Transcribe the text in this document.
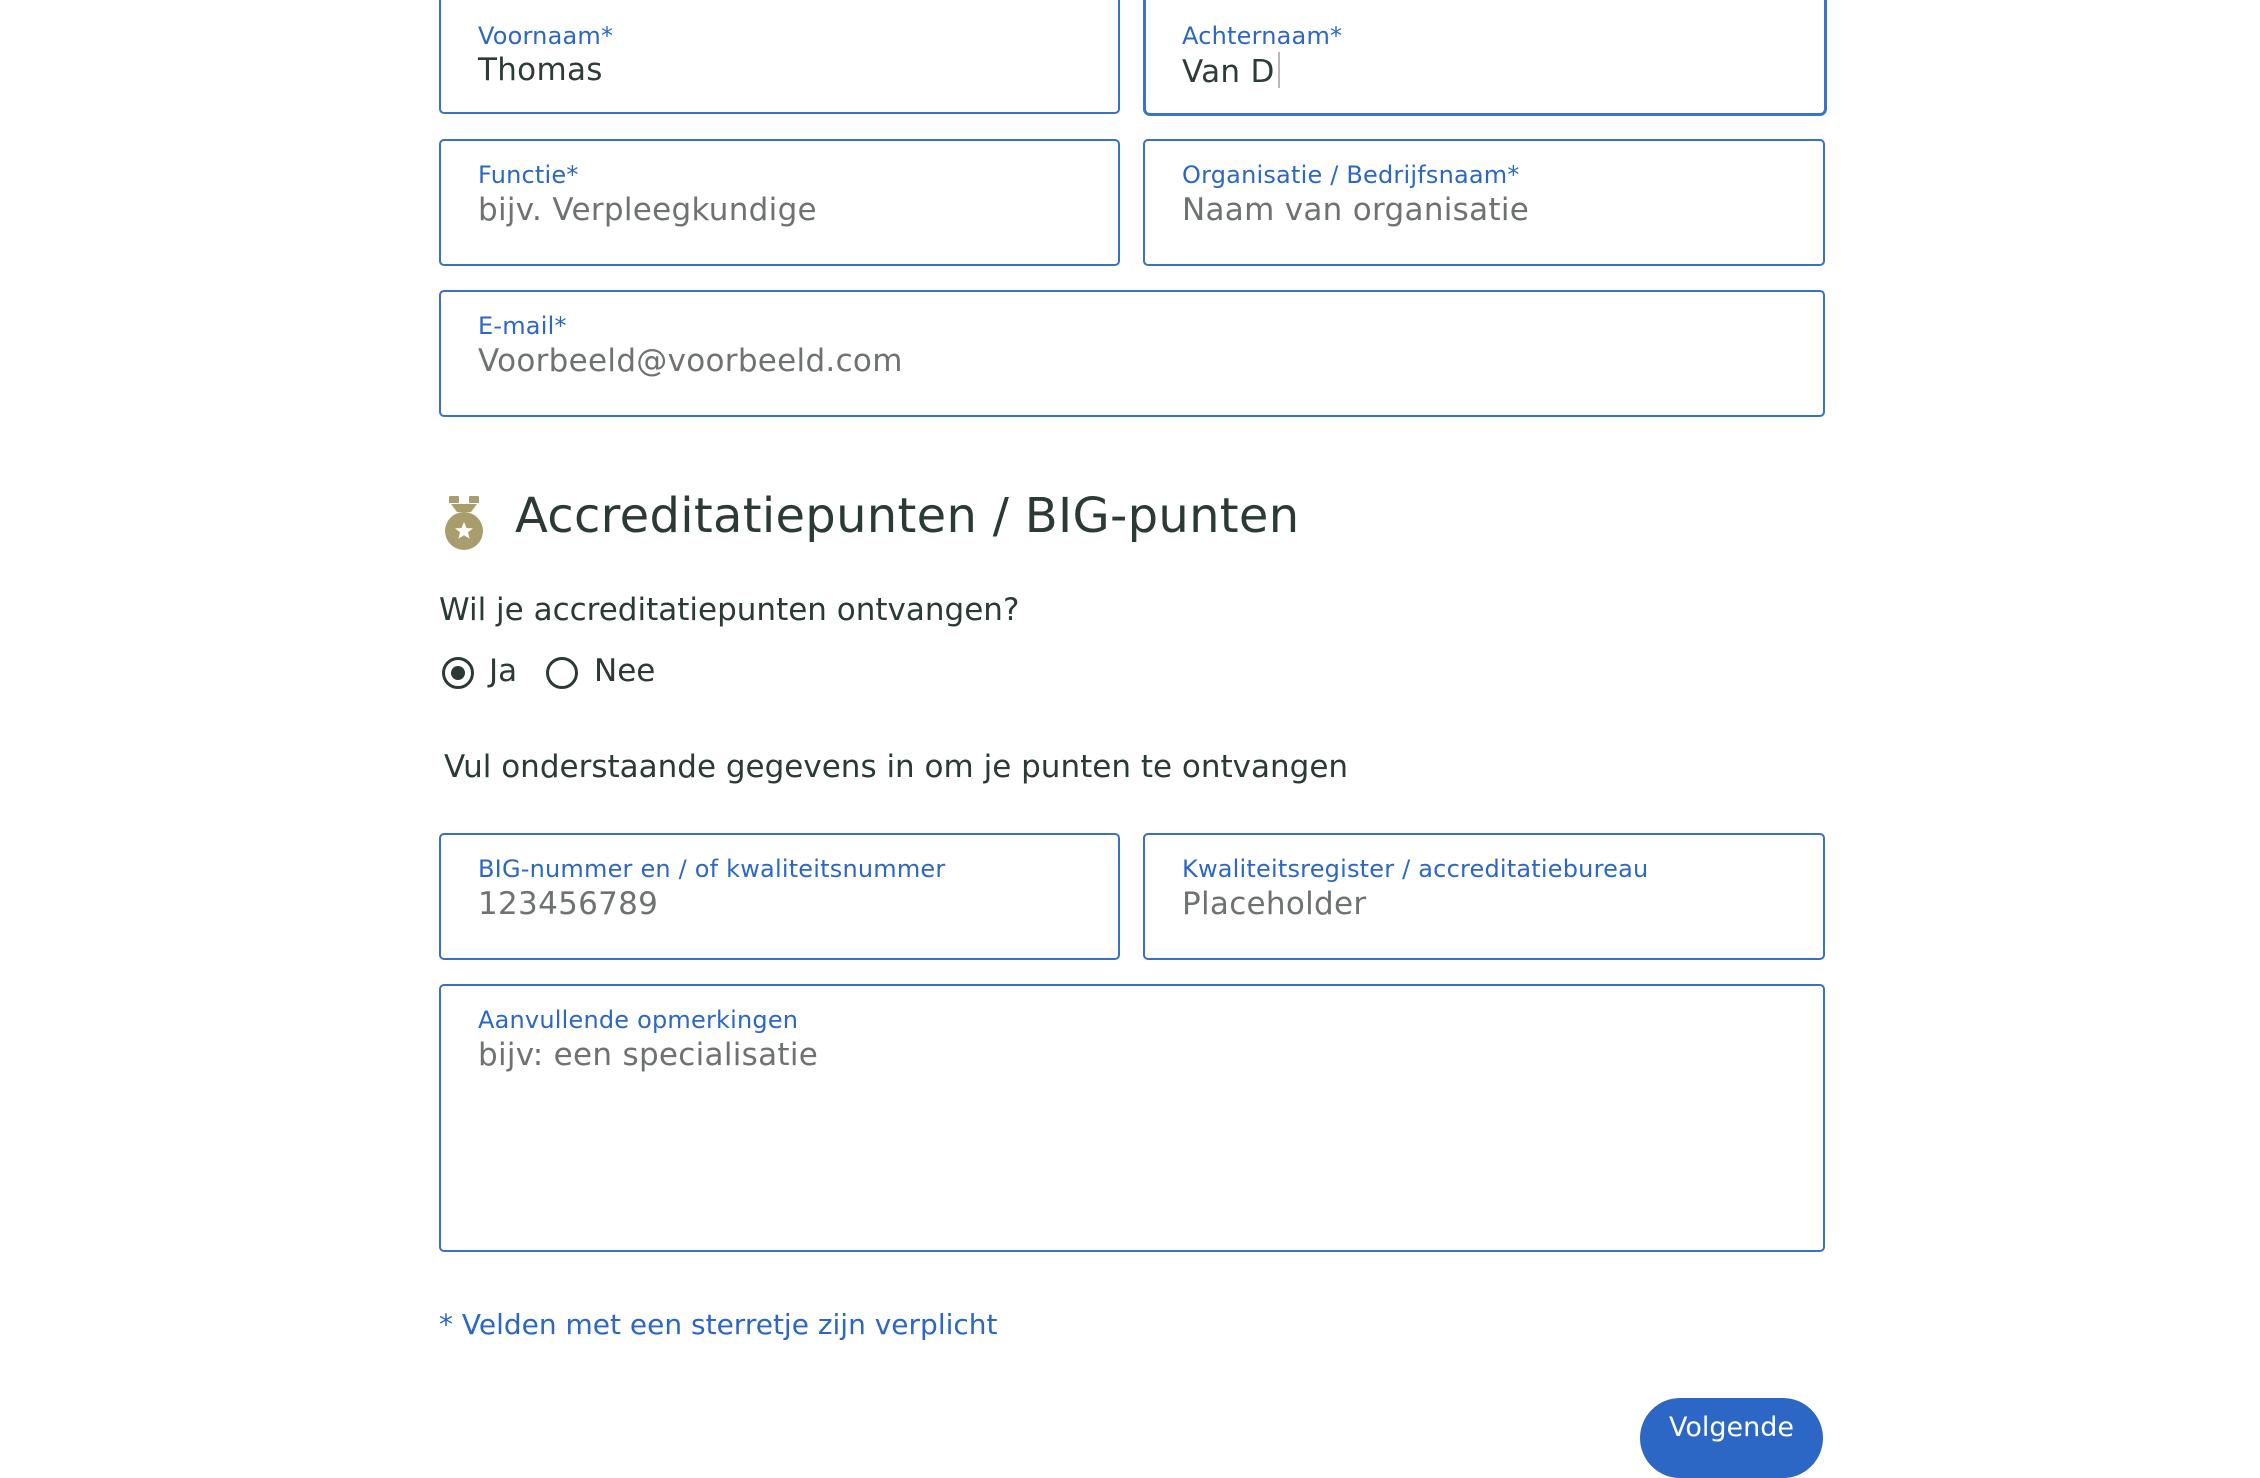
Voornaam*
Thomas
Achternaam*
Van D
Functie*
bijv. Verpleegkundige
Organisatie / Bedrijfsnaam*
Naam van organisatie
E-mail*
Voorbeeld@voorbeeld.com
Accreditatiepunten / BIG-punten
Wil je accreditatiepunten ontvangen?
Ja Nee
Vul onderstaande gegevens in om je punten te ontvangen
BIG-nummer en / of kwaliteitsnummer
123456789
Kwaliteitsregister / accreditatiebureau
Placeholder
Aanvullende opmerkingen
bijv: een specialisatie
* Velden met een sterretje zijn verplicht
Volgende
